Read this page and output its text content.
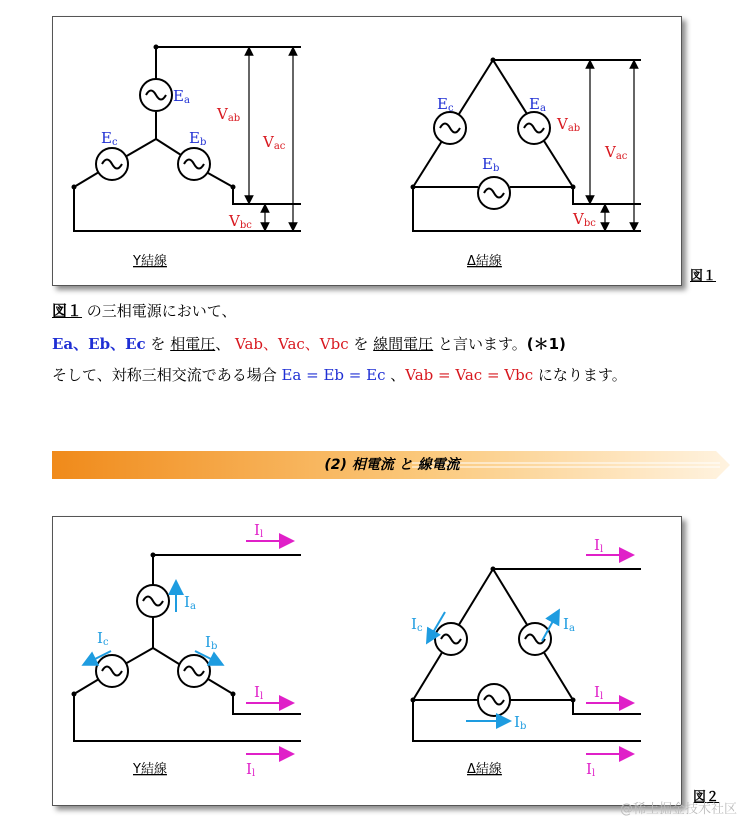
Ea
Ec	Eb
Vab
Vac
Vbc
Y結線
Ec	Ea
Eb
Vab
Vac
Vbc
Δ結線
図１
図１ の三相電源において、
Ea、Eb、Ec を 相電圧、 Vab、Vac、Vbc を 線間電圧 と言います。(＊1)
そして、対称三相交流である場合 Ea = Eb = Ec 、Vab = Vac = Vbc になります。
(2) 相電流 と 線電流
Ia
Ic	Ib
Il
Il
Il
Y結線
Ic	Ia
Ib
Il
Il
Il
Δ結線
図２
@稀土掘金技术社区
